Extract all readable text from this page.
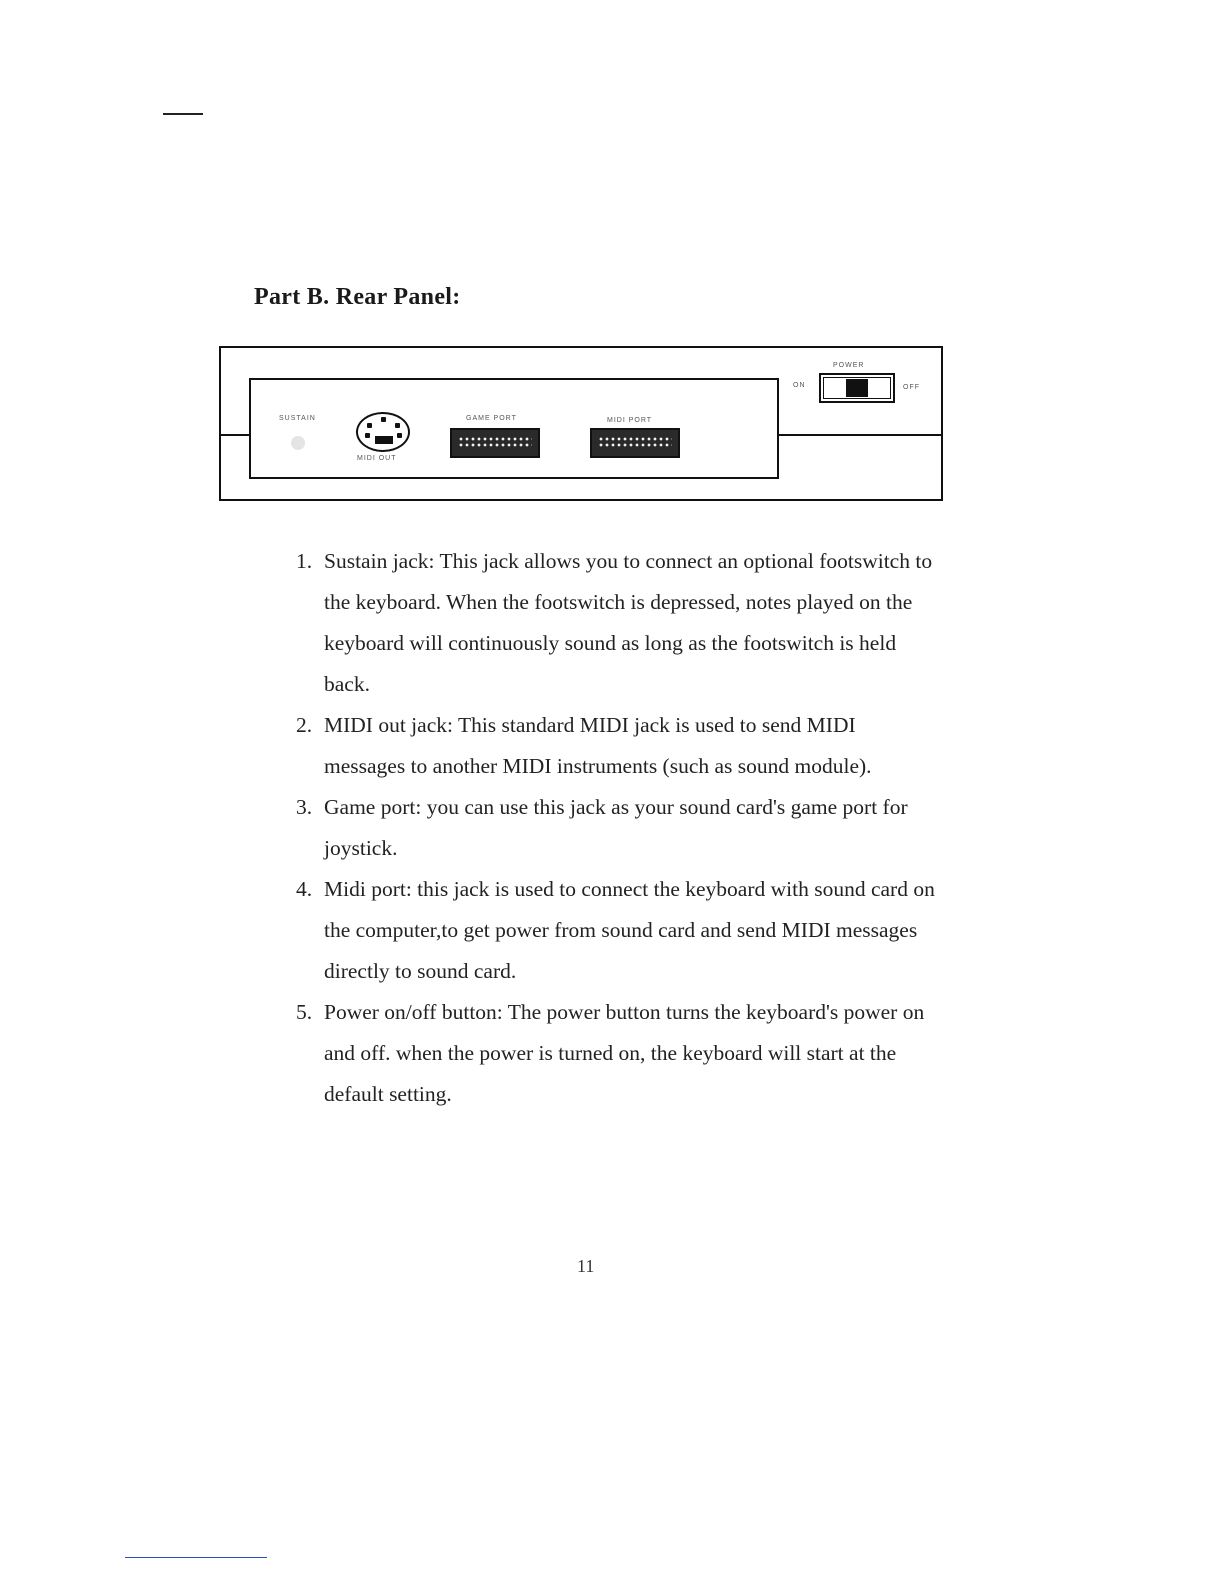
Part B. Rear Panel:
SUSTAIN
MIDI OUT
GAME PORT	MIDI PORT
POWER
ON	OFF
1. Sustain jack: This jack allows you to connect an optional footswitch to the keyboard. When the footswitch is depressed, notes played on the keyboard will continuously sound as long as the footswitch is held back.
2. MIDI out jack: This standard MIDI jack is used to send MIDI messages to another MIDI instruments (such as sound module).
3. Game port: you can use this jack as your sound card's game port for joystick.
4. Midi port: this jack is used to connect the keyboard with sound card on the computer,to get power from sound card and send MIDI messages directly to sound card.
5. Power on/off button: The power button turns the keyboard's power on and off. when the power is turned on, the keyboard will start at the default setting.
11
